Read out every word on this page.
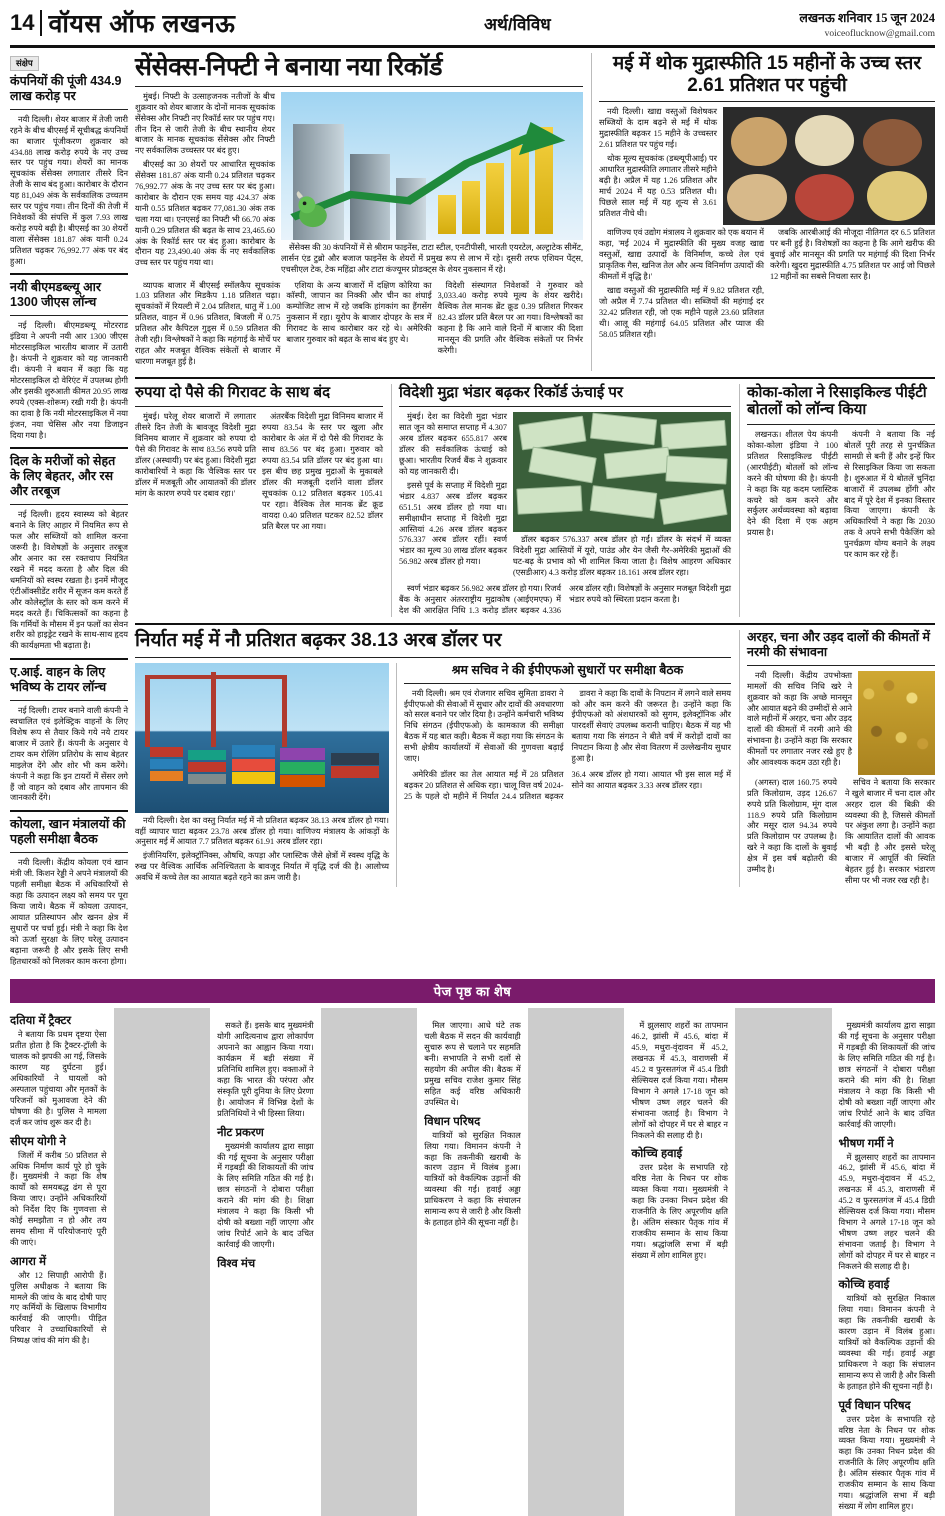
14 वॉयस ऑफ लखनऊ	अर्थ/विविध	लखनऊ शनिवार 15 जून 2024
voiceoflucknow@gmail.com
संक्षेप
कंपनियों की पूंजी 434.9 लाख करोड़ पर

नयी दिल्ली। शेयर बाजार में तेजी जारी रहने के बीच बीएसई में सूचीबद्ध कंपनियों का बाजार पूंजीकरण शुक्रवार को 434.88 लाख करोड़ रुपये के नए उच्च स्तर पर पहुंच गया। शेयरों का मानक सूचकांक सेंसेक्स लगातार तीसरे दिन तेजी के साथ बंद हुआ। कारोबार के दौरान यह 81,049 अंक के सर्वकालिक उच्चतम स्तर पर पहुंच गया। तीन दिनों की तेजी में निवेशकों की संपत्ति में कुल 7.93 लाख करोड़ रुपये बढ़ी है। बीएसई का 30 शेयरों वाला सेंसेक्स 181.87 अंक यानी 0.24 प्रतिशत चढ़कर 76,992.77 अंक पर बंद हुआ।

नयी बीएमडब्ल्यू आर 1300 जीएस लॉन्च

नई दिल्ली। बीएमडब्ल्यू मोटरराड इंडिया ने अपनी नयी आर 1300 जीएस मोटरसाइकिल भारतीय बाजार में उतारी है। कंपनी ने शुक्रवार को यह जानकारी दी। कंपनी ने बयान में कहा कि यह मोटरसाइकिल दो वेरिएंट में उपलब्ध होगी और इसकी शुरुआती कीमत 20.95 लाख रुपये (एक्स-शोरूम) रखी गयी है। कंपनी का दावा है कि नयी मोटरसाइकिल में नया इंजन, नया चेसिस और नया डिजाइन दिया गया है।

दिल के मरीजों को सेहत के लिए बेहतर, और रस और तरबूज

नई दिल्ली। हृदय स्वास्थ्य को बेहतर बनाने के लिए आहार में नियमित रूप से फल और सब्जियों को शामिल करना जरूरी है। विशेषज्ञों के अनुसार तरबूज और अनार का रस रक्तचाप नियंत्रित रखने में मदद करता है और दिल की धमनियों को स्वस्थ रखता है। इनमें मौजूद एंटीऑक्सीडेंट शरीर में सूजन कम करते हैं और कोलेस्ट्रॉल के स्तर को कम करने में मदद करते हैं। चिकित्सकों का कहना है कि गर्मियों के मौसम में इन फलों का सेवन शरीर को हाइड्रेट रखने के साथ-साथ हृदय की कार्यक्षमता भी बढ़ाता है।

ए.आई. वाहन के लिए भविष्य के टायर लॉन्च

नई दिल्ली। टायर बनाने वाली कंपनी ने स्वचालित एवं इलेक्ट्रिक वाहनों के लिए विशेष रूप से तैयार किये गये नये टायर बाजार में उतारे हैं। कंपनी के अनुसार ये टायर कम रोलिंग प्रतिरोध के साथ बेहतर माइलेज देंगे और शोर भी कम करेंगे। कंपनी ने कहा कि इन टायरों में सेंसर लगे हैं जो वाहन को दबाव और तापमान की जानकारी देंगे।

कोयला, खान मंत्रालयों की पहली समीक्षा बैठक

नयी दिल्ली। केंद्रीय कोयला एवं खान मंत्री जी. किशन रेड्डी ने अपने मंत्रालयों की पहली समीक्षा बैठक में अधिकारियों से कहा कि उत्पादन लक्ष्य को समय पर पूरा किया जाये। बैठक में कोयला उत्पादन, आयात प्रतिस्थापन और खनन क्षेत्र में सुधारों पर चर्चा हुई। मंत्री ने कहा कि देश को ऊर्जा सुरक्षा के लिए घरेलू उत्पादन बढ़ाना जरूरी है और इसके लिए सभी हितधारकों को मिलकर काम करना होगा।

सेंसेक्स-निफ्टी ने बनाया नया रिकॉर्ड

मुंबई। निफ्टी के उत्साहजनक नतीजों के बीच शुक्रवार को शेयर बाजार के दोनों मानक सूचकांक सेंसेक्स और निफ्टी नए रिकॉर्ड स्तर पर पहुंच गए। तीन दिन से जारी तेजी के बीच स्थानीय शेयर बाजार के मानक सूचकांक सेंसेक्स और निफ्टी नए सर्वकालिक उच्चस्तर पर बंद हुए।

बीएसई का 30 शेयरों पर आधारित सूचकांक सेंसेक्स 181.87 अंक यानी 0.24 प्रतिशत चढ़कर 76,992.77 अंक के नए उच्च स्तर पर बंद हुआ। कारोबार के दौरान एक समय यह 424.37 अंक यानी 0.55 प्रतिशत बढ़कर 77,081.30 अंक तक चला गया था। एनएसई का निफ्टी भी 66.70 अंक यानी 0.29 प्रतिशत की बढ़त के साथ 23,465.60 अंक के रिकॉर्ड स्तर पर बंद हुआ। कारोबार के दौरान यह 23,490.40 अंक के नए सर्वकालिक उच्च स्तर पर पहुंच गया था।

सेंसेक्स की 30 कंपनियों में से श्रीराम फाइनेंस, टाटा स्टील, एनटीपीसी, भारती एयरटेल, अल्ट्राटेक सीमेंट, लार्सन एंड टुब्रो और बजाज फाइनेंस के शेयरों में प्रमुख रूप से लाभ में रहे। दूसरी तरफ एशियन पेंट्स, एचसीएल टेक, टेक महिंद्रा और टाटा कंज्यूमर प्रोडक्ट्स के शेयर नुकसान में रहे।

व्यापक बाजार में बीएसई स्मॉलकैप सूचकांक 1.03 प्रतिशत और मिडकैप 1.18 प्रतिशत चढ़ा। सूचकांकों में रियल्टी में 2.04 प्रतिशत, धातु में 1.00 प्रतिशत, वाहन में 0.96 प्रतिशत, बिजली में 0.75 प्रतिशत और कैपिटल गुड्स में 0.59 प्रतिशत की तेजी रही। विश्लेषकों ने कहा कि महंगाई के मोर्चे पर राहत और मजबूत वैश्विक संकेतों से बाजार में धारणा मजबूत हुई है।

एशिया के अन्य बाजारों में दक्षिण कोरिया का कॉस्पी, जापान का निक्की और चीन का शंघाई कम्पोजिट लाभ में रहे जबकि हांगकांग का हैंगसेंग नुकसान में रहा। यूरोप के बाजार दोपहर के सत्र में गिरावट के साथ कारोबार कर रहे थे। अमेरिकी बाजार गुरुवार को बढ़त के साथ बंद हुए थे।

विदेशी संस्थागत निवेशकों ने गुरुवार को 3,033.40 करोड़ रुपये मूल्य के शेयर खरीदे। वैश्विक तेल मानक ब्रेंट क्रूड 0.39 प्रतिशत गिरकर 82.43 डॉलर प्रति बैरल पर आ गया। विश्लेषकों का कहना है कि आने वाले दिनों में बाजार की दिशा मानसून की प्रगति और वैश्विक संकेतों पर निर्भर करेगी।

मई में थोक मुद्रास्फीति 15 महीनों के उच्च स्तर 2.61 प्रतिशत पर पहुंची

नयी दिल्ली। खाद्य वस्तुओं विशेषकर सब्जियों के दाम बढ़ने से मई में थोक मुद्रास्फीति बढ़कर 15 महीने के उच्चस्तर 2.61 प्रतिशत पर पहुंच गई।

थोक मूल्य सूचकांक (डब्ल्यूपीआई) पर आधारित मुद्रास्फीति लगातार तीसरे महीने बढ़ी है। अप्रैल में यह 1.26 प्रतिशत और मार्च 2024 में यह 0.53 प्रतिशत थी। पिछले साल मई में यह शून्य से 3.61 प्रतिशत नीचे थी।

वाणिज्य एवं उद्योग मंत्रालय ने शुक्रवार को एक बयान में कहा, 'मई 2024 में मुद्रास्फीति की मुख्य वजह खाद्य वस्तुओं, खाद्य उत्पादों के विनिर्माण, कच्चे तेल एवं प्राकृतिक गैस, खनिज तेल और अन्य विनिर्माण उत्पादों की कीमतों में वृद्धि है।'

खाद्य वस्तुओं की मुद्रास्फीति मई में 9.82 प्रतिशत रही, जो अप्रैल में 7.74 प्रतिशत थी। सब्जियों की महंगाई दर 32.42 प्रतिशत रही, जो एक महीने पहले 23.60 प्रतिशत थी। आलू की महंगाई 64.05 प्रतिशत और प्याज की 58.05 प्रतिशत रही।

जबकि आरबीआई की मौजूदा नीतिगत दर 6.5 प्रतिशत पर बनी हुई है। विशेषज्ञों का कहना है कि आगे खरीफ की बुवाई और मानसून की प्रगति पर महंगाई की दिशा निर्भर करेगी। खुदरा मुद्रास्फीति 4.75 प्रतिशत पर आई जो पिछले 12 महीनों का सबसे निचला स्तर है।

रुपया दो पैसे की गिरावट के साथ बंद

मुंबई। घरेलू शेयर बाजारों में लगातार तीसरे दिन तेजी के बावजूद विदेशी मुद्रा विनिमय बाजार में शुक्रवार को रुपया दो पैसे की गिरावट के साथ 83.56 रुपये प्रति डॉलर (अस्थायी) पर बंद हुआ। विदेशी मुद्रा कारोबारियों ने कहा कि 'वैश्विक स्तर पर डॉलर में मजबूती और आयातकों की डॉलर मांग के कारण रुपये पर दबाव रहा।'

अंतरबैंक विदेशी मुद्रा विनिमय बाजार में रुपया 83.54 के स्तर पर खुला और कारोबार के अंत में दो पैसे की गिरावट के साथ 83.56 पर बंद हुआ। गुरुवार को रुपया 83.54 प्रति डॉलर पर बंद हुआ था। इस बीच छह प्रमुख मुद्राओं के मुकाबले डॉलर की मजबूती दर्शाने वाला डॉलर सूचकांक 0.12 प्रतिशत बढ़कर 105.41 पर रहा। वैश्विक तेल मानक ब्रेंट क्रूड वायदा 0.40 प्रतिशत घटकर 82.52 डॉलर प्रति बैरल पर आ गया।

विदेशी मुद्रा भंडार बढ़कर रिकॉर्ड ऊंचाई पर

मुंबई। देश का विदेशी मुद्रा भंडार सात जून को समाप्त सप्ताह में 4.307 अरब डॉलर बढ़कर 655.817 अरब डॉलर की सर्वकालिक ऊंचाई को छूआ। भारतीय रिजर्व बैंक ने शुक्रवार को यह जानकारी दी।

इससे पूर्व के सप्ताह में विदेशी मुद्रा भंडार 4.837 अरब डॉलर बढ़कर 651.51 अरब डॉलर हो गया था। समीक्षाधीन सप्ताह में विदेशी मुद्रा आस्तियां 4.26 अरब डॉलर बढ़कर 576.337 अरब डॉलर रहीं। स्वर्ण भंडार का मूल्य 30 लाख डॉलर बढ़कर 56.982 अरब डॉलर हो गया।

डॉलर बढ़कर 576.337 अरब डॉलर हो गईं। डॉलर के संदर्भ में व्यक्त विदेशी मुद्रा आस्तियों में यूरो, पाउंड और येन जैसी गैर-अमेरिकी मुद्राओं की घट-बढ़ के प्रभाव को भी शामिल किया जाता है। विशेष आहरण अधिकार (एसडीआर) 4.3 करोड़ डॉलर बढ़कर 18.161 अरब डॉलर रहा।

स्वर्ण भंडार बढ़कर 56.982 अरब डॉलर हो गया। रिजर्व बैंक के अनुसार अंतरराष्ट्रीय मुद्राकोष (आईएमएफ) में देश की आरक्षित निधि 1.3 करोड़ डॉलर बढ़कर 4.336 अरब डॉलर रही। विशेषज्ञों के अनुसार मजबूत विदेशी मुद्रा भंडार रुपये को स्थिरता प्रदान करता है।

कोका-कोला ने रिसाइकिल्ड पीईटी बोतलों को लॉन्च किया

लखनऊ। शीतल पेय कंपनी कोका-कोला इंडिया ने 100 प्रतिशत रिसाइकिल्ड पीईटी (आरपीईटी) बोतलों को लॉन्च करने की घोषणा की है। कंपनी ने कहा कि यह कदम प्लास्टिक कचरे को कम करने और सर्कुलर अर्थव्यवस्था को बढ़ावा देने की दिशा में एक अहम प्रयास है।

कंपनी ने बताया कि नई बोतलें पूरी तरह से पुनर्चक्रित सामग्री से बनी हैं और इन्हें फिर से रिसाइकिल किया जा सकता है। शुरुआत में ये बोतलें चुनिंदा बाजारों में उपलब्ध होंगी और बाद में पूरे देश में इनका विस्तार किया जाएगा। कंपनी के अधिकारियों ने कहा कि 2030 तक वे अपने सभी पैकेजिंग को पुनर्चक्रण योग्य बनाने के लक्ष्य पर काम कर रहे हैं।

निर्यात मई में नौ प्रतिशत बढ़कर 38.13 अरब डॉलर पर

नयी दिल्ली। देश का वस्तु निर्यात मई में नौ प्रतिशत बढ़कर 38.13 अरब डॉलर हो गया। वहीं व्यापार घाटा बढ़कर 23.78 अरब डॉलर हो गया। वाणिज्य मंत्रालय के आंकड़ों के अनुसार मई में आयात 7.7 प्रतिशत बढ़कर 61.91 अरब डॉलर रहा।

इंजीनियरिंग, इलेक्ट्रॉनिक्स, औषधि, कपड़ा और प्लास्टिक जैसे क्षेत्रों में स्वस्थ वृद्धि के रुख पर वैश्विक आर्थिक अनिश्चितता के बावजूद निर्यात में वृद्धि दर्ज की है। आलोच्य अवधि में कच्चे तेल का आयात बढ़ते रहने का क्रम जारी है।

श्रम सचिव ने की ईपीएफओ सुधारों पर समीक्षा बैठक

नयी दिल्ली। श्रम एवं रोजगार सचिव सुमिता डावरा ने ईपीएफओ की सेवाओं में सुधार और दावों की अवधारणा को सरल बनाने पर जोर दिया है। उन्होंने कर्मचारी भविष्य निधि संगठन (ईपीएफओ) के कामकाज की समीक्षा बैठक में यह बात कही। बैठक में कहा गया कि संगठन के सभी क्षेत्रीय कार्यालयों में सेवाओं की गुणवत्ता बढ़ाई जाए।

डावरा ने कहा कि दावों के निपटान में लगने वाले समय को और कम करने की जरूरत है। उन्होंने कहा कि ईपीएफओ को अंशधारकों को सुगम, इलेक्ट्रॉनिक और पारदर्शी सेवाएं उपलब्ध करानी चाहिए। बैठक में यह भी बताया गया कि संगठन ने बीते वर्ष में करोड़ों दावों का निपटान किया है और सेवा वितरण में उल्लेखनीय सुधार हुआ है।

अमेरिकी डॉलर का तेल आयात मई में 28 प्रतिशत बढ़कर 20 प्रतिशत से अधिक रहा। चालू वित्त वर्ष 2024-25 के पहले दो महीने में निर्यात 24.4 प्रतिशत बढ़कर 36.4 अरब डॉलर हो गया। आयात भी इस साल मई में सोने का आयात बढ़कर 3.33 अरब डॉलर रहा।

अरहर, चना और उड़द दालों की कीमतों में नरमी की संभावना

नयी दिल्ली। केंद्रीय उपभोक्ता मामलों की सचिव निधि खरे ने शुक्रवार को कहा कि अच्छे मानसून और आयात बढ़ने की उम्मीदों से आने वाले महीनों में अरहर, चना और उड़द दालों की कीमतों में नरमी आने की संभावना है। उन्होंने कहा कि सरकार कीमतों पर लगातार नजर रखे हुए है और आवश्यक कदम उठा रही है।

(अगस्त) दाल 160.75 रुपये प्रति किलोग्राम, उड़द 126.67 रुपये प्रति किलोग्राम, मूंग दाल 118.9 रुपये प्रति किलोग्राम और मसूर दाल 94.34 रुपये प्रति किलोग्राम पर उपलब्ध है। खरे ने कहा कि दालों के बुवाई क्षेत्र में इस वर्ष बढ़ोतरी की उम्मीद है।

सचिव ने बताया कि सरकार ने खुले बाजार में चना दाल और अरहर दाल की बिक्री की व्यवस्था की है, जिससे कीमतों पर अंकुश लगा है। उन्होंने कहा कि आयातित दालों की आवक भी बढ़ी है और इससे घरेलू बाजार में आपूर्ति की स्थिति बेहतर हुई है। सरकार भंडारण सीमा पर भी नजर रख रही है।

पेज पृष्ठ का शेष
दतिया में ट्रैक्टर

ने बताया कि प्रथम दृष्टया ऐसा प्रतीत होता है कि ट्रैक्टर-ट्रॉली के चालक को झपकी आ गई, जिसके कारण यह दुर्घटना हुई। अधिकारियों ने घायलों को अस्पताल पहुंचाया और मृतकों के परिजनों को मुआवजा देने की घोषणा की है। पुलिस ने मामला दर्ज कर जांच शुरू कर दी है।

सीएम योगी ने

जिलों में करीब 50 प्रतिशत से अधिक निर्माण कार्य पूरे हो चुके हैं। मुख्यमंत्री ने कहा कि शेष कार्यों को समयबद्ध ढंग से पूरा किया जाए। उन्होंने अधिकारियों को निर्देश दिए कि गुणवत्ता से कोई समझौता न हो और तय समय सीमा में परियोजनाएं पूरी की जाएं।

आगरा में

और 12 सिपाही आरोपी हैं। पुलिस अधीक्षक ने बताया कि मामले की जांच के बाद दोषी पाए गए कर्मियों के खिलाफ विभागीय कार्रवाई की जाएगी। पीड़ित परिवार ने उच्चाधिकारियों से निष्पक्ष जांच की मांग की है।

सकते हैं। इसके बाद मुख्यमंत्री योगी आदित्यनाथ द्वारा लोकार्पण अपनाने का आह्वान किया गया। कार्यक्रम में बड़ी संख्या में प्रतिनिधि शामिल हुए। वक्ताओं ने कहा कि भारत की परंपरा और संस्कृति पूरी दुनिया के लिए प्रेरणा है। आयोजन में विभिन्न देशों के प्रतिनिधियों ने भी हिस्सा लिया।

नीट प्रकरण

मुख्यमंत्री कार्यालय द्वारा साझा की गई सूचना के अनुसार परीक्षा में गड़बड़ी की शिकायतों की जांच के लिए समिति गठित की गई है। छात्र संगठनों ने दोबारा परीक्षा कराने की मांग की है। शिक्षा मंत्रालय ने कहा कि किसी भी दोषी को बख्शा नहीं जाएगा और जांच रिपोर्ट आने के बाद उचित कार्रवाई की जाएगी।

विश्व मंच

मिल जाएगा। आधे घंटे तक चली बैठक में सदन की कार्यवाही सुचारु रूप से चलाने पर सहमति बनी। सभापति ने सभी दलों से सहयोग की अपील की। बैठक में प्रमुख सचिव राजेश कुमार सिंह सहित कई वरिष्ठ अधिकारी उपस्थित थे।

विधान परिषद

यात्रियों को सुरक्षित निकाल लिया गया। विमानन कंपनी ने कहा कि तकनीकी खराबी के कारण उड़ान में विलंब हुआ। यात्रियों को वैकल्पिक उड़ानों की व्यवस्था की गई। हवाई अड्डा प्राधिकरण ने कहा कि संचालन सामान्य रूप से जारी है और किसी के हताहत होने की सूचना नहीं है।

में झुलसाए शहरों का तापमान 46.2, झांसी में 45.6, बांदा में 45.9, मथुरा-वृंदावन में 45.2, लखनऊ में 45.3, वाराणसी में 45.2 व फुरसतगंज में 45.4 डिग्री सेल्सियस दर्ज किया गया। मौसम विभाग ने अगले 17-18 जून को भीषण उष्ण लहर चलने की संभावना जताई है। विभाग ने लोगों को दोपहर में घर से बाहर न निकलने की सलाह दी है।

कोच्चि हवाई

उत्तर प्रदेश के सभापति रहे वरिष्ठ नेता के निधन पर शोक व्यक्त किया गया। मुख्यमंत्री ने कहा कि उनका निधन प्रदेश की राजनीति के लिए अपूरणीय क्षति है। अंतिम संस्कार पैतृक गांव में राजकीय सम्मान के साथ किया गया। श्रद्धांजलि सभा में बड़ी संख्या में लोग शामिल हुए।

मुख्यमंत्री कार्यालय द्वारा साझा की गई सूचना के अनुसार परीक्षा में गड़बड़ी की शिकायतों की जांच के लिए समिति गठित की गई है। छात्र संगठनों ने दोबारा परीक्षा कराने की मांग की है। शिक्षा मंत्रालय ने कहा कि किसी भी दोषी को बख्शा नहीं जाएगा और जांच रिपोर्ट आने के बाद उचित कार्रवाई की जाएगी।

भीषण गर्मी ने

में झुलसाए शहरों का तापमान 46.2, झांसी में 45.6, बांदा में 45.9, मथुरा-वृंदावन में 45.2, लखनऊ में 45.3, वाराणसी में 45.2 व फुरसतगंज में 45.4 डिग्री सेल्सियस दर्ज किया गया। मौसम विभाग ने अगले 17-18 जून को भीषण उष्ण लहर चलने की संभावना जताई है। विभाग ने लोगों को दोपहर में घर से बाहर न निकलने की सलाह दी है।

कोच्चि हवाई

यात्रियों को सुरक्षित निकाल लिया गया। विमानन कंपनी ने कहा कि तकनीकी खराबी के कारण उड़ान में विलंब हुआ। यात्रियों को वैकल्पिक उड़ानों की व्यवस्था की गई। हवाई अड्डा प्राधिकरण ने कहा कि संचालन सामान्य रूप से जारी है और किसी के हताहत होने की सूचना नहीं है।

पूर्व विधान परिषद

उत्तर प्रदेश के सभापति रहे वरिष्ठ नेता के निधन पर शोक व्यक्त किया गया। मुख्यमंत्री ने कहा कि उनका निधन प्रदेश की राजनीति के लिए अपूरणीय क्षति है। अंतिम संस्कार पैतृक गांव में राजकीय सम्मान के साथ किया गया। श्रद्धांजलि सभा में बड़ी संख्या में लोग शामिल हुए।
